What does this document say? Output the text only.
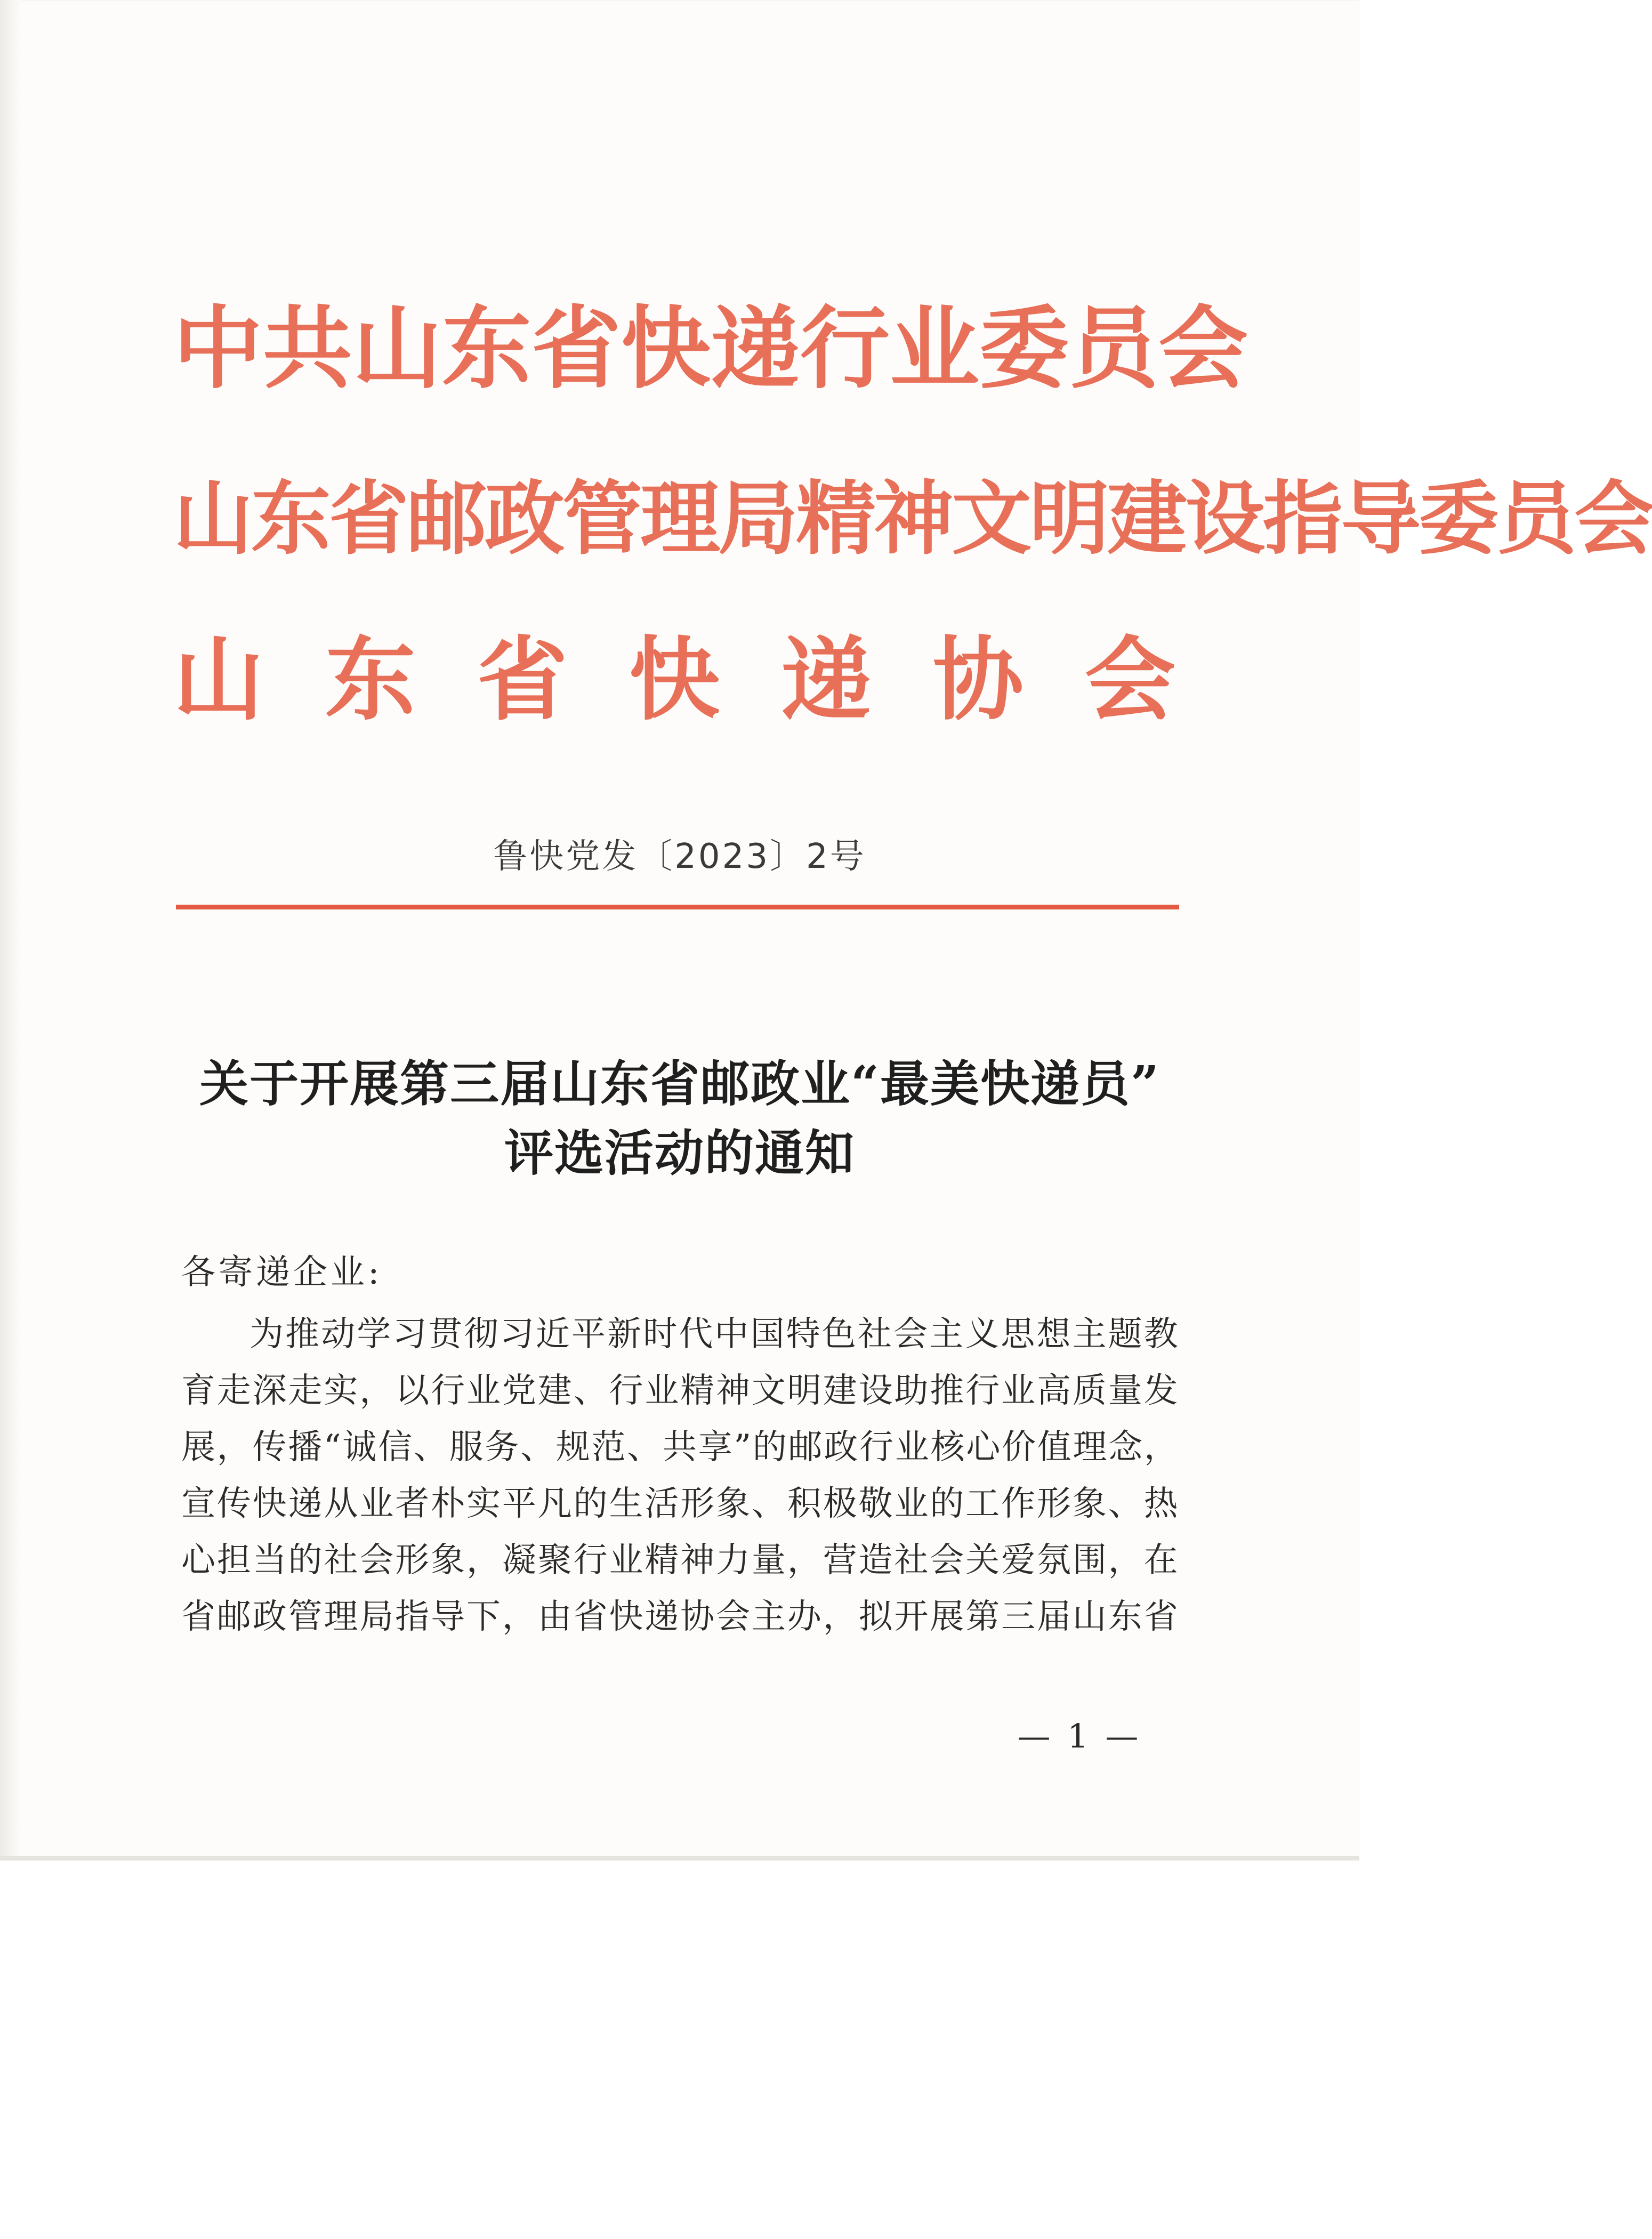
中 共 山 东 省 快 递 行 业 委 员 会
山 东 省 邮 政 管 理 局 精 神 文 明 建 设 指 导 委 员 会
山 东 省 快 递 协 会
鲁快党发〔2023〕2号
关于开展第三届山东省邮政业“最美快递员”
评选活动的通知
各寄递企业:
为 推 动 学 习 贯 彻 习 近 平 新 时 代 中 国 特 色 社 会 主 义 思 想 主 题 教
育 走 深 走 实 ， 以 行 业 党 建 、 行 业 精 神 文 明 建 设 助 推 行 业 高 质 量 发
展 ， 传 播 “ 诚 信 、 服 务 、 规 范 、 共 享 ” 的 邮 政 行 业 核 心 价 值 理 念 ，
宣 传 快 递 从 业 者 朴 实 平 凡 的 生 活 形 象 、 积 极 敬 业 的 工 作 形 象 、 热
心 担 当 的 社 会 形 象 ， 凝 聚 行 业 精 神 力 量 ， 营 造 社 会 关 爱 氛 围 ， 在
省 邮 政 管 理 局 指 导 下 ， 由 省 快 递 协 会 主 办 ， 拟 开 展 第 三 届 山 东 省
— 1 —
